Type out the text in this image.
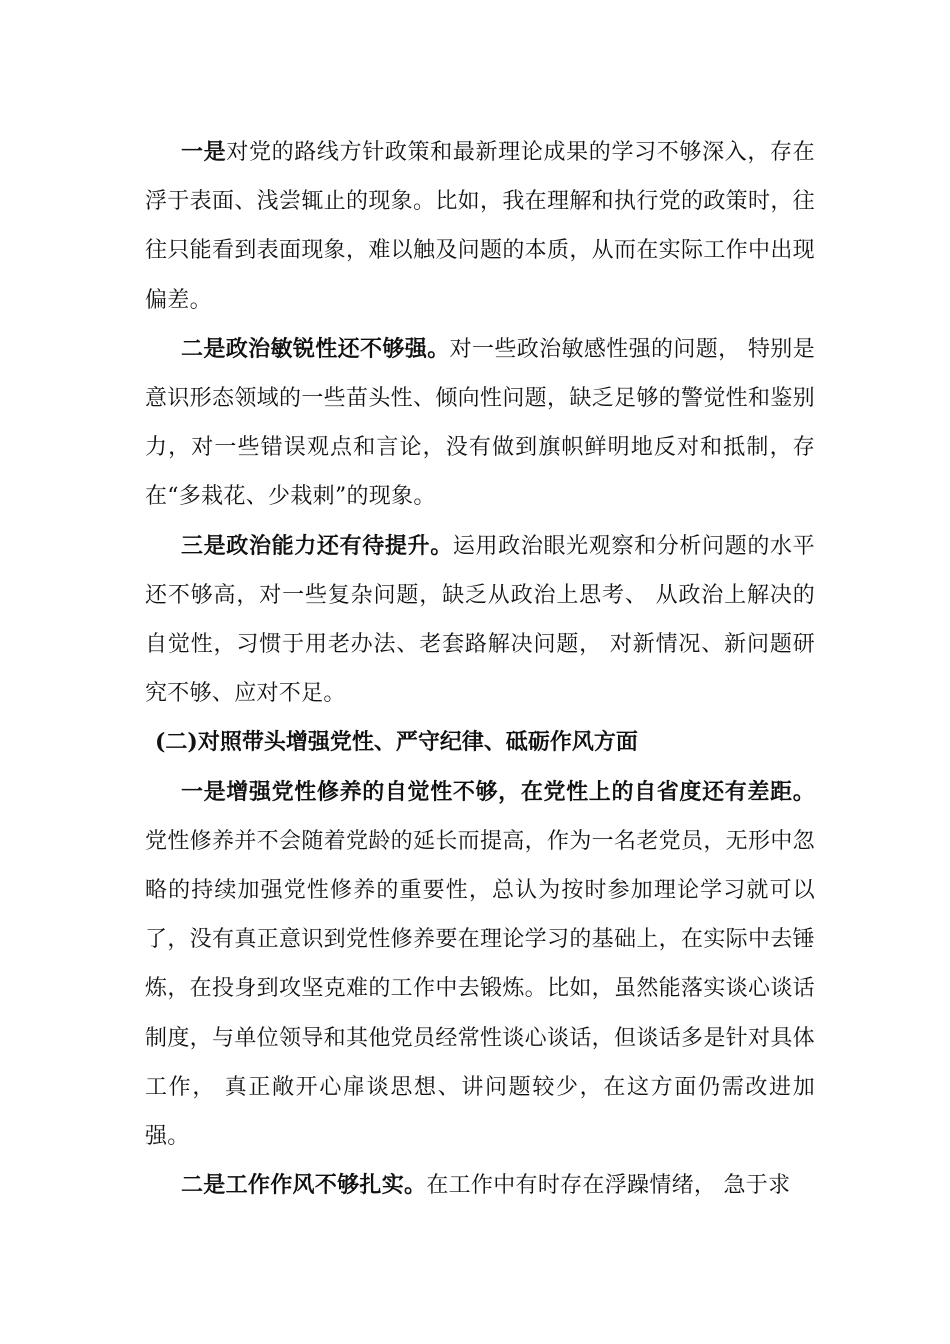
一是对党的路线方针政策和最新理论成果的学习不够深入，存在浮于表面、浅尝辄止的现象。比如，我在理解和执行党的政策时，往往只能看到表面现象，难以触及问题的本质，从而在实际工作中出现偏差。

二是政治敏锐性还不够强。对一些政治敏感性强的问题， 特别是意识形态领域的一些苗头性、倾向性问题，缺乏足够的警觉性和鉴别力，对一些错误观点和言论，没有做到旗帜鲜明地反对和抵制，存在“多栽花、少栽刺”的现象。

三是政治能力还有待提升。运用政治眼光观察和分析问题的水平还不够高，对一些复杂问题，缺乏从政治上思考、 从政治上解决的自觉性，习惯于用老办法、老套路解决问题， 对新情况、新问题研究不够、应对不足。

(二)对照带头增强党性、严守纪律、砥砺作风方面

一是增强党性修养的自觉性不够，在党性上的自省度还有差距。党性修养并不会随着党龄的延长而提高，作为一名老党员，无形中忽略的持续加强党性修养的重要性，总认为按时参加理论学习就可以了，没有真正意识到党性修养要在理论学习的基础上，在实际中去锤炼，在投身到攻坚克难的工作中去锻炼。比如，虽然能落实谈心谈话制度，与单位领导和其他党员经常性谈心谈话，但谈话多是针对具体工作， 真正敞开心扉谈思想、讲问题较少，在这方面仍需改进加强。

二是工作作风不够扎实。在工作中有时存在浮躁情绪， 急于求
